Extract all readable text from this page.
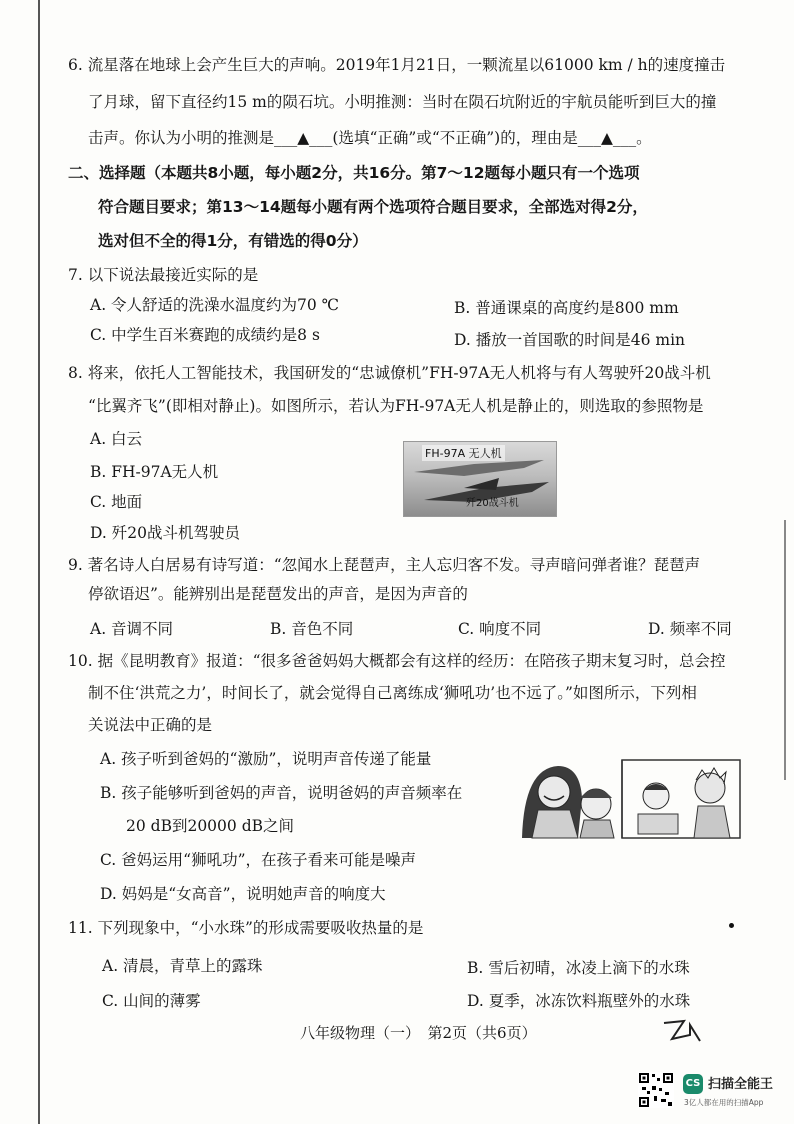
6. 流星落在地球上会产生巨大的声响。2019年1月21日，一颗流星以61000 km / h的速度撞击
了月球，留下直径约15 m的陨石坑。小明推测：当时在陨石坑附近的宇航员能听到巨大的撞
击声。你认为小明的推测是___▲___(选填“正确”或“不正确”)的，理由是___▲___。
二、选择题（本题共8小题，每小题2分，共16分。第7～12题每小题只有一个选项
符合题目要求；第13～14题每小题有两个选项符合题目要求，全部选对得2分，
选对但不全的得1分，有错选的得0分）
7. 以下说法最接近实际的是
A. 令人舒适的洗澡水温度约为70 ℃	B. 普通课桌的高度约是800 mm
C. 中学生百米赛跑的成绩约是8 s	D. 播放一首国歌的时间是46 min
8. 将来，依托人工智能技术，我国研发的“忠诚僚机”FH-97A无人机将与有人驾驶歼20战斗机
“比翼齐飞”(即相对静止)。如图所示，若认为FH-97A无人机是静止的，则选取的参照物是
A. 白云
B. FH-97A无人机
C. 地面
D. 歼20战斗机驾驶员
FH-97A 无人机
歼20战斗机
9. 著名诗人白居易有诗写道：“忽闻水上琵琶声，主人忘归客不发。寻声暗问弹者谁？琵琶声
停欲语迟”。能辨别出是琵琶发出的声音，是因为声音的
A. 音调不同	B. 音色不同	C. 响度不同	D. 频率不同
10. 据《昆明教育》报道：“很多爸爸妈妈大概都会有这样的经历：在陪孩子期末复习时，总会控
制不住‘洪荒之力’，时间长了，就会觉得自己离练成‘狮吼功’也不远了。”如图所示，下列相
关说法中正确的是
A. 孩子听到爸妈的“激励”，说明声音传递了能量
B. 孩子能够听到爸妈的声音，说明爸妈的声音频率在
20 dB到20000 dB之间
C. 爸妈运用“狮吼功”，在孩子看来可能是噪声
D. 妈妈是“女高音”，说明她声音的响度大
11. 下列现象中，“小水珠”的形成需要吸收热量的是
A. 清晨，青草上的露珠	B. 雪后初晴，冰凌上滴下的水珠
C. 山间的薄雾	D. 夏季，冰冻饮料瓶壁外的水珠
八年级物理（一）　第2页（共6页）
CS 扫描全能王
3亿人都在用的扫描App
